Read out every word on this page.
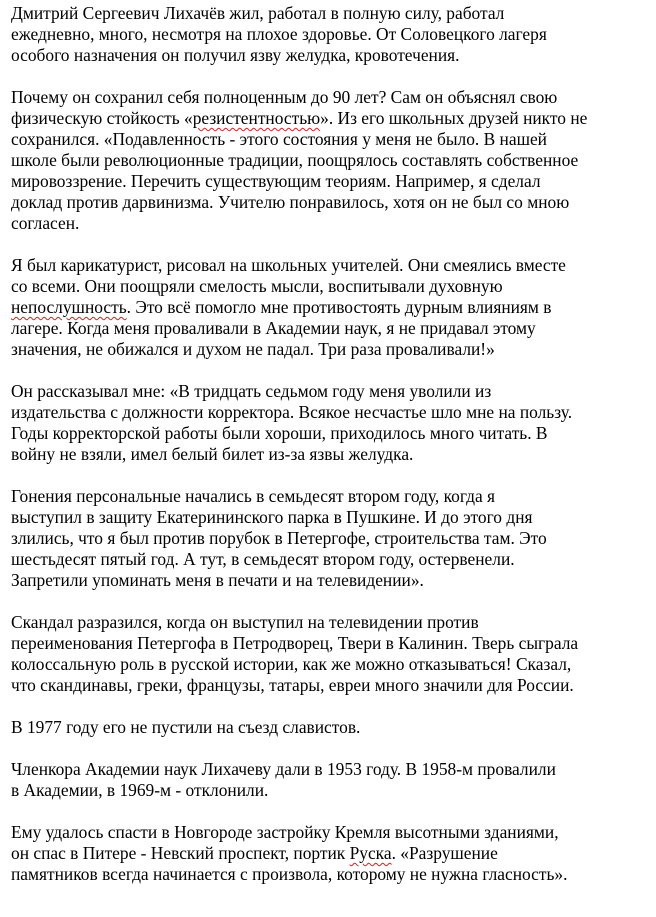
Дмитрий Сергеевич Лихачёв жил, работал в полную силу, работал
ежедневно, много, несмотря на плохое здоровье. От Соловецкого лагеря
особого назначения он получил язву желудка, кровотечения.

Почему он сохранил себя полноценным до 90 лет? Сам он объяснял свою
физическую стойкость «резистентностью». Из его школьных друзей никто не
сохранился. «Подавленность - этого состояния у меня не было. В нашей
школе были революционные традиции, поощрялось составлять собственное
мировоззрение. Перечить существующим теориям. Например, я сделал
доклад против дарвинизма. Учителю понравилось, хотя он не был со мною
согласен.

Я был карикатурист, рисовал на школьных учителей. Они смеялись вместе
со всеми. Они поощряли смелость мысли, воспитывали духовную
непослушность. Это всё помогло мне противостоять дурным влияниям в
лагере. Когда меня проваливали в Академии наук, я не придавал этому
значения, не обижался и духом не падал. Три раза проваливали!»

Он рассказывал мне: «В тридцать седьмом году меня уволили из
издательства с должности корректора. Всякое несчастье шло мне на пользу.
Годы корректорской работы были хороши, приходилось много читать. В
войну не взяли, имел белый билет из-за язвы желудка.

Гонения персональные начались в семьдесят втором году, когда я
выступил в защиту Екатерининского парка в Пушкине. И до этого дня
злились, что я был против порубок в Петергофе, строительства там. Это
шестьдесят пятый год. А тут, в семьдесят втором году, остервенели.
Запретили упоминать меня в печати и на телевидении».

Скандал разразился, когда он выступил на телевидении против
переименования Петергофа в Петродворец, Твери в Калинин. Тверь сыграла
колоссальную роль в русской истории, как же можно отказываться! Сказал,
что скандинавы, греки, французы, татары, евреи много значили для России.

В 1977 году его не пустили на съезд славистов.

Членкора Академии наук Лихачеву дали в 1953 году. В 1958-м провалили
в Академии, в 1969-м - отклонили.

Ему удалось спасти в Новгороде застройку Кремля высотными зданиями,
он спас в Питере - Невский проспект, портик Руска. «Разрушение
памятников всегда начинается с произвола, которому не нужна гласность».
